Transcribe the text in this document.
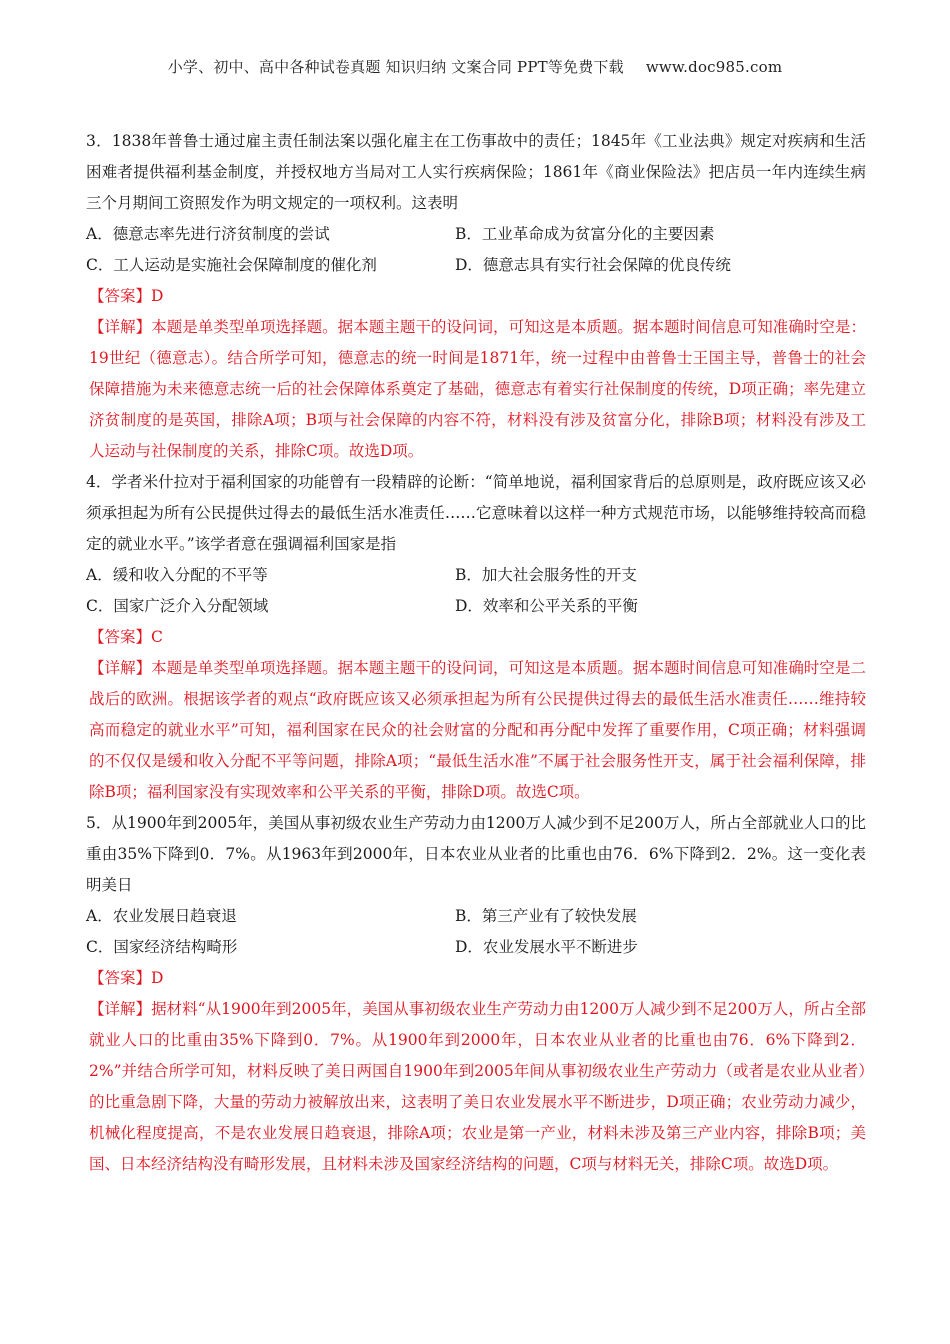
小学、初中、高中各种试卷真题 知识归纳 文案合同 PPT等免费下载 www.doc985.com

3．1838年普鲁士通过雇主责任制法案以强化雇主在工伤事故中的责任；1845年《工业法典》规定对疾病和生活困难者提供福利基金制度，并授权地方当局对工人实行疾病保险；1861年《商业保险法》把店员一年内连续生病三个月期间工资照发作为明文规定的一项权利。这表明

A．德意志率先进行济贫制度的尝试	B．工业革命成为贫富分化的主要因素
C．工人运动是实施社会保障制度的催化剂	D．德意志具有实行社会保障的优良传统

【答案】D

【详解】本题是单类型单项选择题。据本题主题干的设问词，可知这是本质题。据本题时间信息可知准确时空是：19世纪（德意志）。结合所学可知，德意志的统一时间是1871年，统一过程中由普鲁士王国主导，普鲁士的社会保障措施为未来德意志统一后的社会保障体系奠定了基础，德意志有着实行社保制度的传统，D项正确；率先建立济贫制度的是英国，排除A项；B项与社会保障的内容不符，材料没有涉及贫富分化，排除B项；材料没有涉及工人运动与社保制度的关系，排除C项。故选D项。

4．学者米什拉对于福利国家的功能曾有一段精辟的论断：“简单地说，福利国家背后的总原则是，政府既应该又必须承担起为所有公民提供过得去的最低生活水准责任……它意味着以这样一种方式规范市场，以能够维持较高而稳定的就业水平。”该学者意在强调福利国家是指

A．缓和收入分配的不平等	B．加大社会服务性的开支
C．国家广泛介入分配领域	D．效率和公平关系的平衡

【答案】C

【详解】本题是单类型单项选择题。据本题主题干的设问词，可知这是本质题。据本题时间信息可知准确时空是二战后的欧洲。根据该学者的观点“政府既应该又必须承担起为所有公民提供过得去的最低生活水准责任……维持较高而稳定的就业水平”可知，福利国家在民众的社会财富的分配和再分配中发挥了重要作用，C项正确；材料强调的不仅仅是缓和收入分配不平等问题，排除A项；“最低生活水准”不属于社会服务性开支，属于社会福利保障，排除B项；福利国家没有实现效率和公平关系的平衡，排除D项。故选C项。

5．从1900年到2005年，美国从事初级农业生产劳动力由1200万人减少到不足200万人，所占全部就业人口的比重由35%下降到0．7%。从1963年到2000年，日本农业从业者的比重也由76．6%下降到2．2%。这一变化表明美日

A．农业发展日趋衰退	B．第三产业有了较快发展
C．国家经济结构畸形	D．农业发展水平不断进步

【答案】D

【详解】据材料“从1900年到2005年，美国从事初级农业生产劳动力由1200万人减少到不足200万人，所占全部就业人口的比重由35%下降到0．7%。从1900年到2000年，日本农业从业者的比重也由76．6%下降到2．2%”并结合所学可知，材料反映了美日两国自1900年到2005年间从事初级农业生产劳动力（或者是农业从业者）的比重急剧下降，大量的劳动力被解放出来，这表明了美日农业发展水平不断进步，D项正确；农业劳动力减少，机械化程度提高，不是农业发展日趋衰退，排除A项；农业是第一产业，材料未涉及第三产业内容，排除B项；美国、日本经济结构没有畸形发展，且材料未涉及国家经济结构的问题，C项与材料无关，排除C项。故选D项。
